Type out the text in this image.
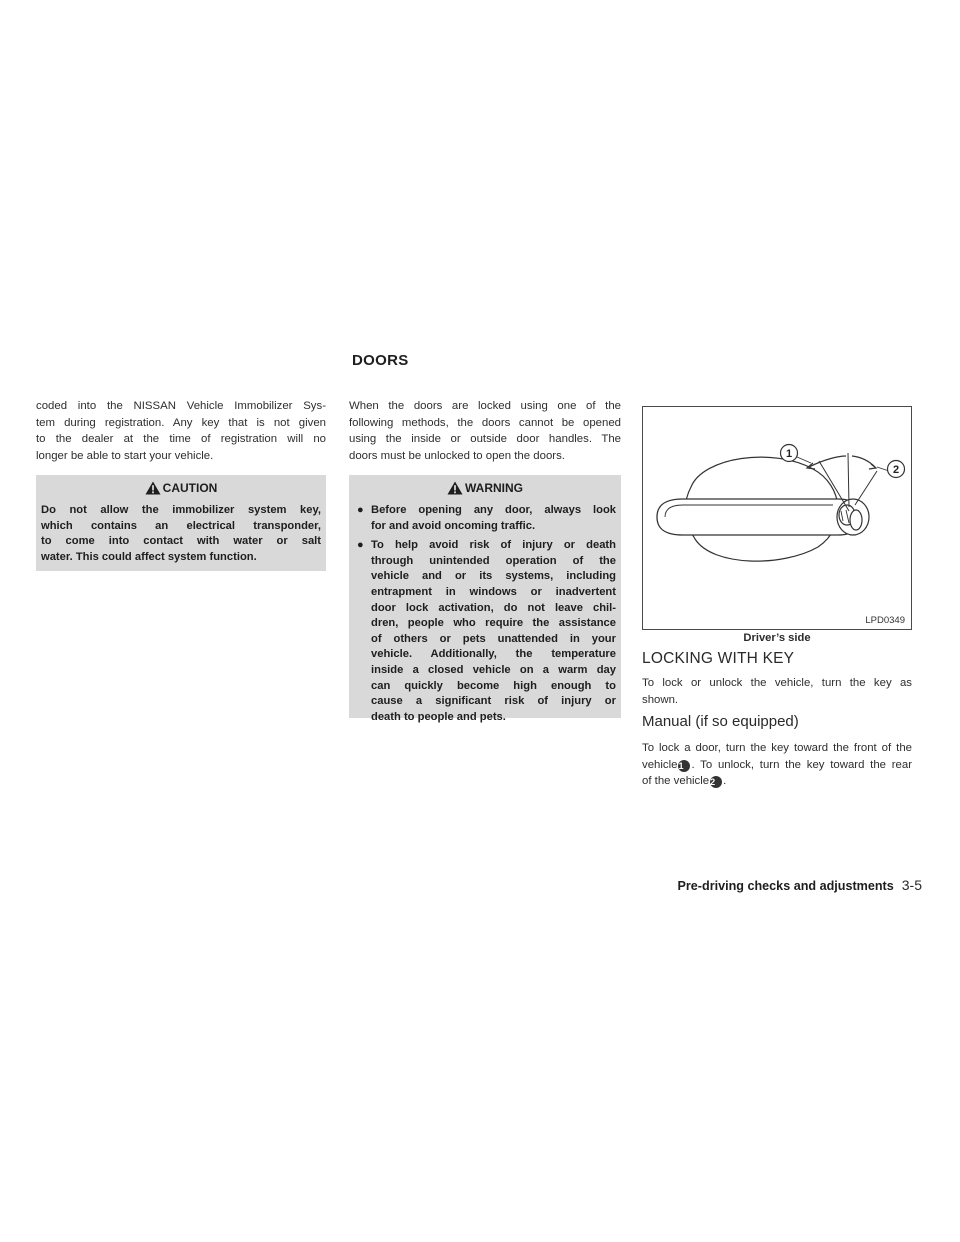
DOORS
coded into the NISSAN Vehicle Immobilizer Sys-
tem during registration. Any key that is not given
to the dealer at the time of registration will no
longer be able to start your vehicle.
CAUTION
Do not allow the immobilizer system key,
which contains an electrical transponder,
to come into contact with water or salt
water. This could affect system function.
When the doors are locked using one of the
following methods, the doors cannot be opened
using the inside or outside door handles. The
doors must be unlocked to open the doors.
WARNING
● Before opening any door, always look
for and avoid oncoming traffic.
● To help avoid risk of injury or death
through unintended operation of the
vehicle and or its systems, including
entrapment in windows or inadvertent
door lock activation, do not leave chil-
dren, people who require the assistance
of others or pets unattended in your
vehicle. Additionally, the temperature
inside a closed vehicle on a warm day
can quickly become high enough to
cause a significant risk of injury or
death to people and pets.
1
2
LPD0349
Driver’s side
LOCKING WITH KEY
To lock or unlock the vehicle, turn the key as
shown.
Manual (if so equipped)
To lock a door, turn the key toward the front of the
vehicle1 . To unlock, turn the key toward the rear
of the vehicle2 .
Pre-driving checks and adjustments 3-5
